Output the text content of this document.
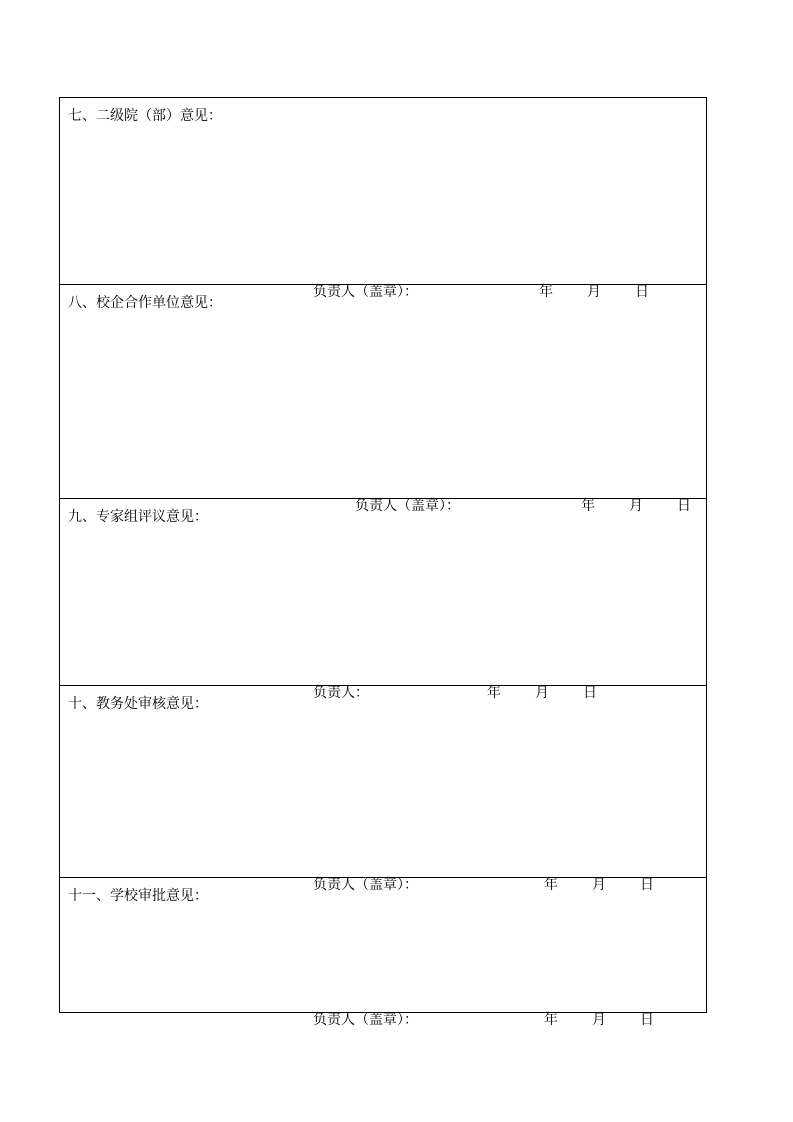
七、二级院（部）意见：
负责人（盖章）：	年 月 日
八、校企合作单位意见：
负责人（盖章）：	年 月 日
九、专家组评议意见：
负责人：	年 月 日
十、教务处审核意见：
负责人（盖章）：	年 月 日
十一、学校审批意见：
负责人（盖章）：	年 月 日
